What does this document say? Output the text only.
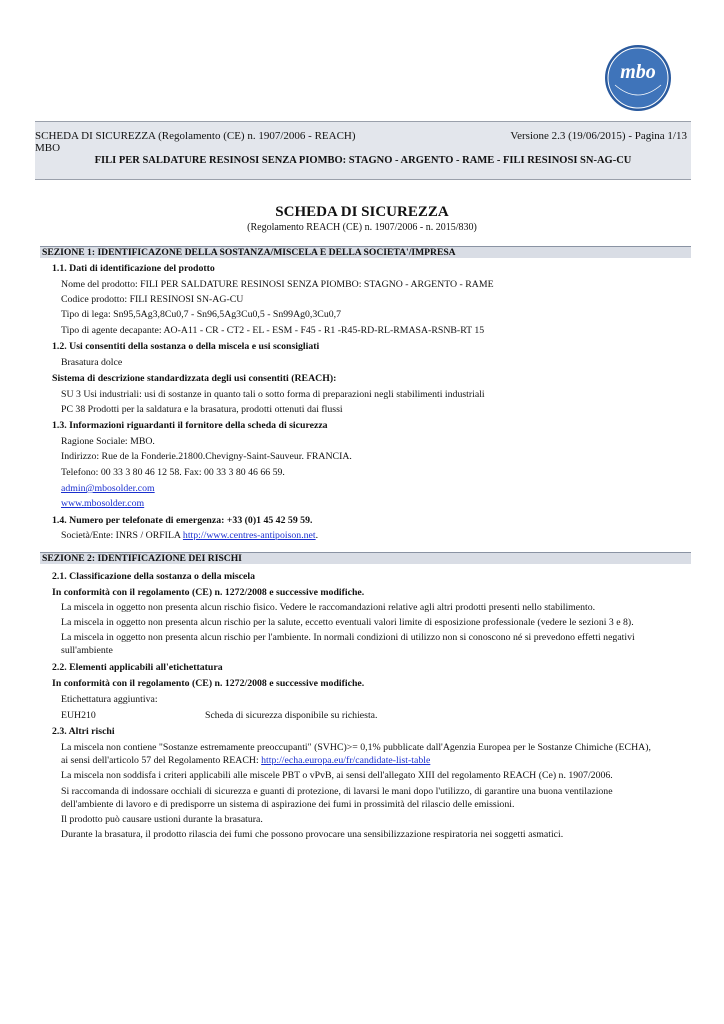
mbo
SCHEDA DI SICUREZZA (Regolamento (CE) n. 1907/2006 - REACH)
MBO
Versione 2.3 (19/06/2015) - Pagina 1/13
FILI PER SALDATURE RESINOSI SENZA PIOMBO: STAGNO - ARGENTO - RAME - FILI RESINOSI SN-AG-CU
SCHEDA DI SICUREZZA
(Regolamento REACH (CE) n. 1907/2006 - n. 2015/830)
SEZIONE 1: IDENTIFICAZONE DELLA SOSTANZA/MISCELA E DELLA SOCIETA'/IMPRESA
1.1. Dati di identificazione del prodotto
Nome del prodotto: FILI PER SALDATURE RESINOSI SENZA PIOMBO: STAGNO - ARGENTO - RAME
Codice prodotto: FILI RESINOSI SN-AG-CU
Tipo di lega: Sn95,5Ag3,8Cu0,7 - Sn96,5Ag3Cu0,5 - Sn99Ag0,3Cu0,7
Tipo di agente decapante: AO-A11 - CR - CT2 - EL - ESM - F45 - R1 -R45-RD-RL-RMASA-RSNB-RT 15
1.2. Usi consentiti della sostanza o della miscela e usi sconsigliati
Brasatura dolce
Sistema di descrizione standardizzata degli usi consentiti (REACH):
SU 3 Usi industriali: usi di sostanze in quanto tali o sotto forma di preparazioni negli stabilimenti industriali
PC 38 Prodotti per la saldatura e la brasatura, prodotti ottenuti dai flussi
1.3. Informazioni riguardanti il fornitore della scheda di sicurezza
Ragione Sociale: MBO.
Indirizzo: Rue de la Fonderie.21800.Chevigny-Saint-Sauveur. FRANCIA.
Telefono: 00 33 3 80 46 12 58. Fax: 00 33 3 80 46 66 59.
admin@mbosolder.com
www.mbosolder.com
1.4. Numero per telefonate di emergenza: +33 (0)1 45 42 59 59.
Società/Ente: INRS / ORFILA http://www.centres-antipoison.net.
SEZIONE 2: IDENTIFICAZIONE DEI RISCHI
2.1. Classificazione della sostanza o della miscela
In conformità con il regolamento (CE) n. 1272/2008 e successive modifiche.
La miscela in oggetto non presenta alcun rischio fisico. Vedere le raccomandazioni relative agli altri prodotti presenti nello stabilimento.
La miscela in oggetto non presenta alcun rischio per la salute, eccetto eventuali valori limite di esposizione professionale (vedere le sezioni 3 e 8).
La miscela in oggetto non presenta alcun rischio per l'ambiente. In normali condizioni di utilizzo non si conoscono né si prevedono effetti negativi
sull'ambiente
2.2. Elementi applicabili all'etichettatura
In conformità con il regolamento (CE) n. 1272/2008 e successive modifiche.
Etichettatura aggiuntiva:
EUH210	Scheda di sicurezza disponibile su richiesta.
2.3. Altri rischi
La miscela non contiene "Sostanze estremamente preoccupanti" (SVHC)>= 0,1% pubblicate dall'Agenzia Europea per le Sostanze Chimiche (ECHA),
ai sensi dell'articolo 57 del Regolamento REACH: http://echa.europa.eu/fr/candidate-list-table
La miscela non soddisfa i criteri applicabili alle miscele PBT o vPvB, ai sensi dell'allegato XIII del regolamento REACH (Ce) n. 1907/2006.
Si raccomanda di indossare occhiali di sicurezza e guanti di protezione, di lavarsi le mani dopo l'utilizzo, di garantire una buona ventilazione
dell'ambiente di lavoro e di predisporre un sistema di aspirazione dei fumi in prossimità del rilascio delle emissioni.
Il prodotto può causare ustioni durante la brasatura.
Durante la brasatura, il prodotto rilascia dei fumi che possono provocare una sensibilizzazione respiratoria nei soggetti asmatici.
